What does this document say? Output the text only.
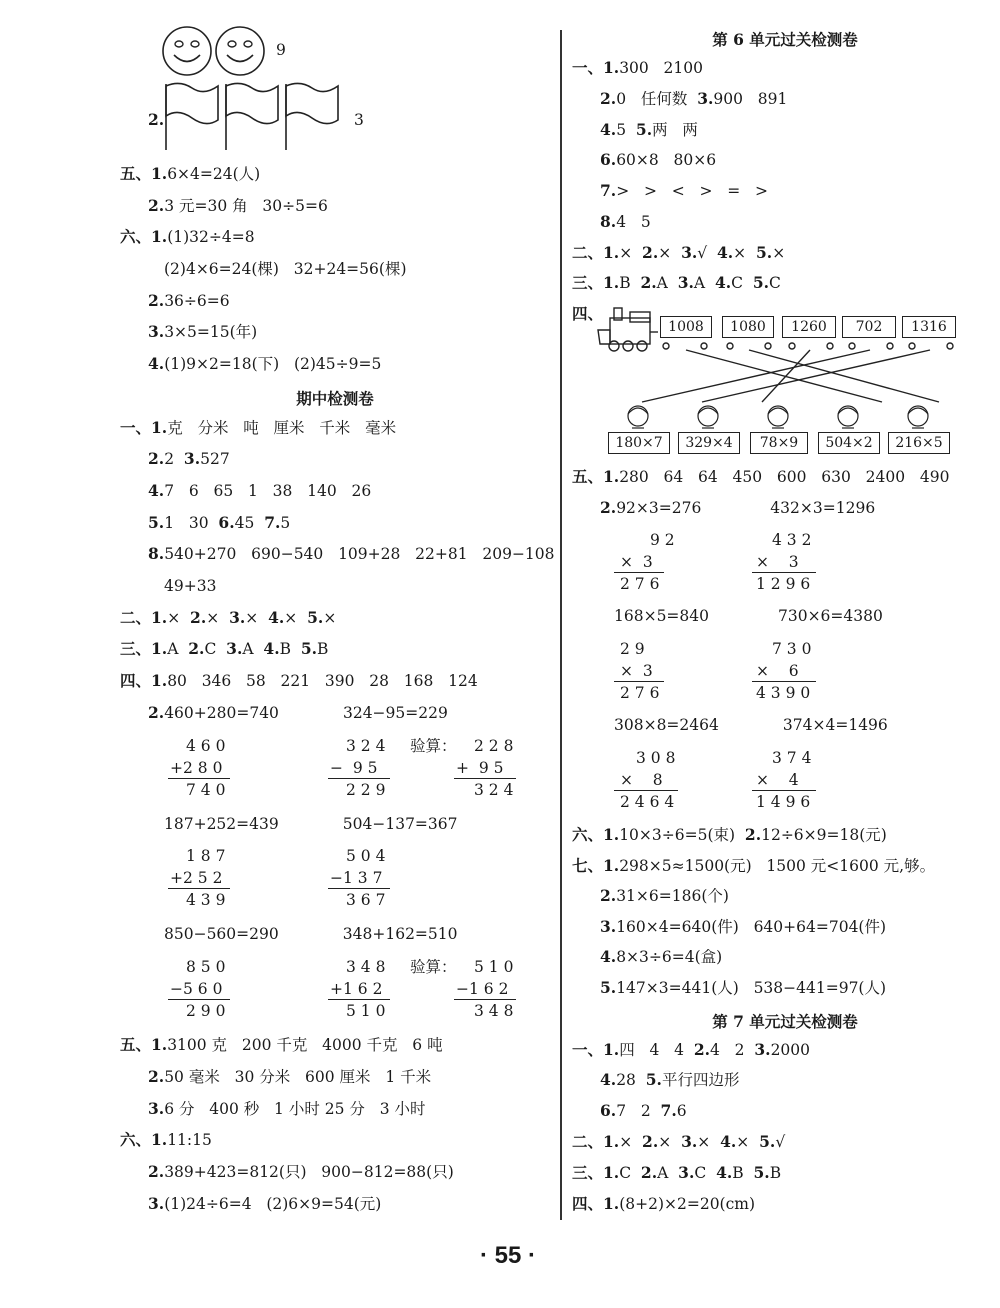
9
2.	3
五、1.6×4=24(人)
2.3 元=30 角   30÷5=6
六、1.(1)32÷4=8
(2)4×6=24(棵)   32+24=56(棵)
2.36÷6=6
3.3×5=15(年)
4.(1)9×2=18(下)   (2)45÷9=5
期中检测卷
一、1.克   分米   吨   厘米   千米   毫米
2.2  3.527
4.7   6   65   1   38   140   26
5.1   30  6.45  7.5
8.540+270   690−540   109+28   22+81   209−108
49+33
二、1.×  2.×  3.×  4.×  5.×
三、1.A  2.C  3.A  4.B  5.B
四、1.80   346   58   221   390   28   168   124
2.460+280=740             324−95=229
4 6 0
+2 8 0
7 4 0
3 2 4
−  9 5
2 2 9
验算： 2 2 8
+  9 5
3 2 4
187+252=439             504−137=367
1 8 7
+2 5 2
4 3 9
5 0 4
−1 3 7
3 6 7
850−560=290             348+162=510
8 5 0
−5 6 0
2 9 0
3 4 8
+1 6 2
5 1 0
验算： 5 1 0
−1 6 2
3 4 8
五、1.3100 克   200 千克   4000 千克   6 吨
2.50 毫米   30 分米   600 厘米   1 千米
3.6 分   400 秒   1 小时 25 分   3 小时
六、1.11:15
2.389+423=812(只)   900−812=88(只)
3.(1)24÷6=4   (2)6×9=54(元)
第 6 单元过关检测卷
一、1.300   2100
2.0   任何数  3.900   891
4.5  5.两   两
6.60×8   80×6
7.>   >   <   >   =   >
8.4   5
二、1.×  2.×  3.√  4.×  5.×
三、1.B  2.A  3.A  4.C  5.C
四、
1008	1080	1260	702	1316
180×7	329×4	78×9	504×2	216×5
五、1.280   64   64   450   600   630   2400   490
2.92×3=276              432×3=1296
9 2
×  3
2 7 6
4 3 2
×    3
1 2 9 6
168×5=840              730×6=4380
2 9
×  3
2 7 6
7 3 0
×    6
4 3 9 0
308×8=2464             374×4=1496
3 0 8
×    8
2 4 6 4
3 7 4
×    4
1 4 9 6
六、1.10×3÷6=5(束)  2.12÷6×9=18(元)
七、1.298×5≈1500(元)   1500 元<1600 元,够。
2.31×6=186(个)
3.160×4=640(件)   640+64=704(件)
4.8×3÷6=4(盒)
5.147×3=441(人)   538−441=97(人)
第 7 单元过关检测卷
一、1.四   4   4  2.4   2  3.2000
4.28  5.平行四边形
6.7   2  7.6
二、1.×  2.×  3.×  4.×  5.√
三、1.C  2.A  3.C  4.B  5.B
四、1.(8+2)×2=20(cm)
· 55 ·
